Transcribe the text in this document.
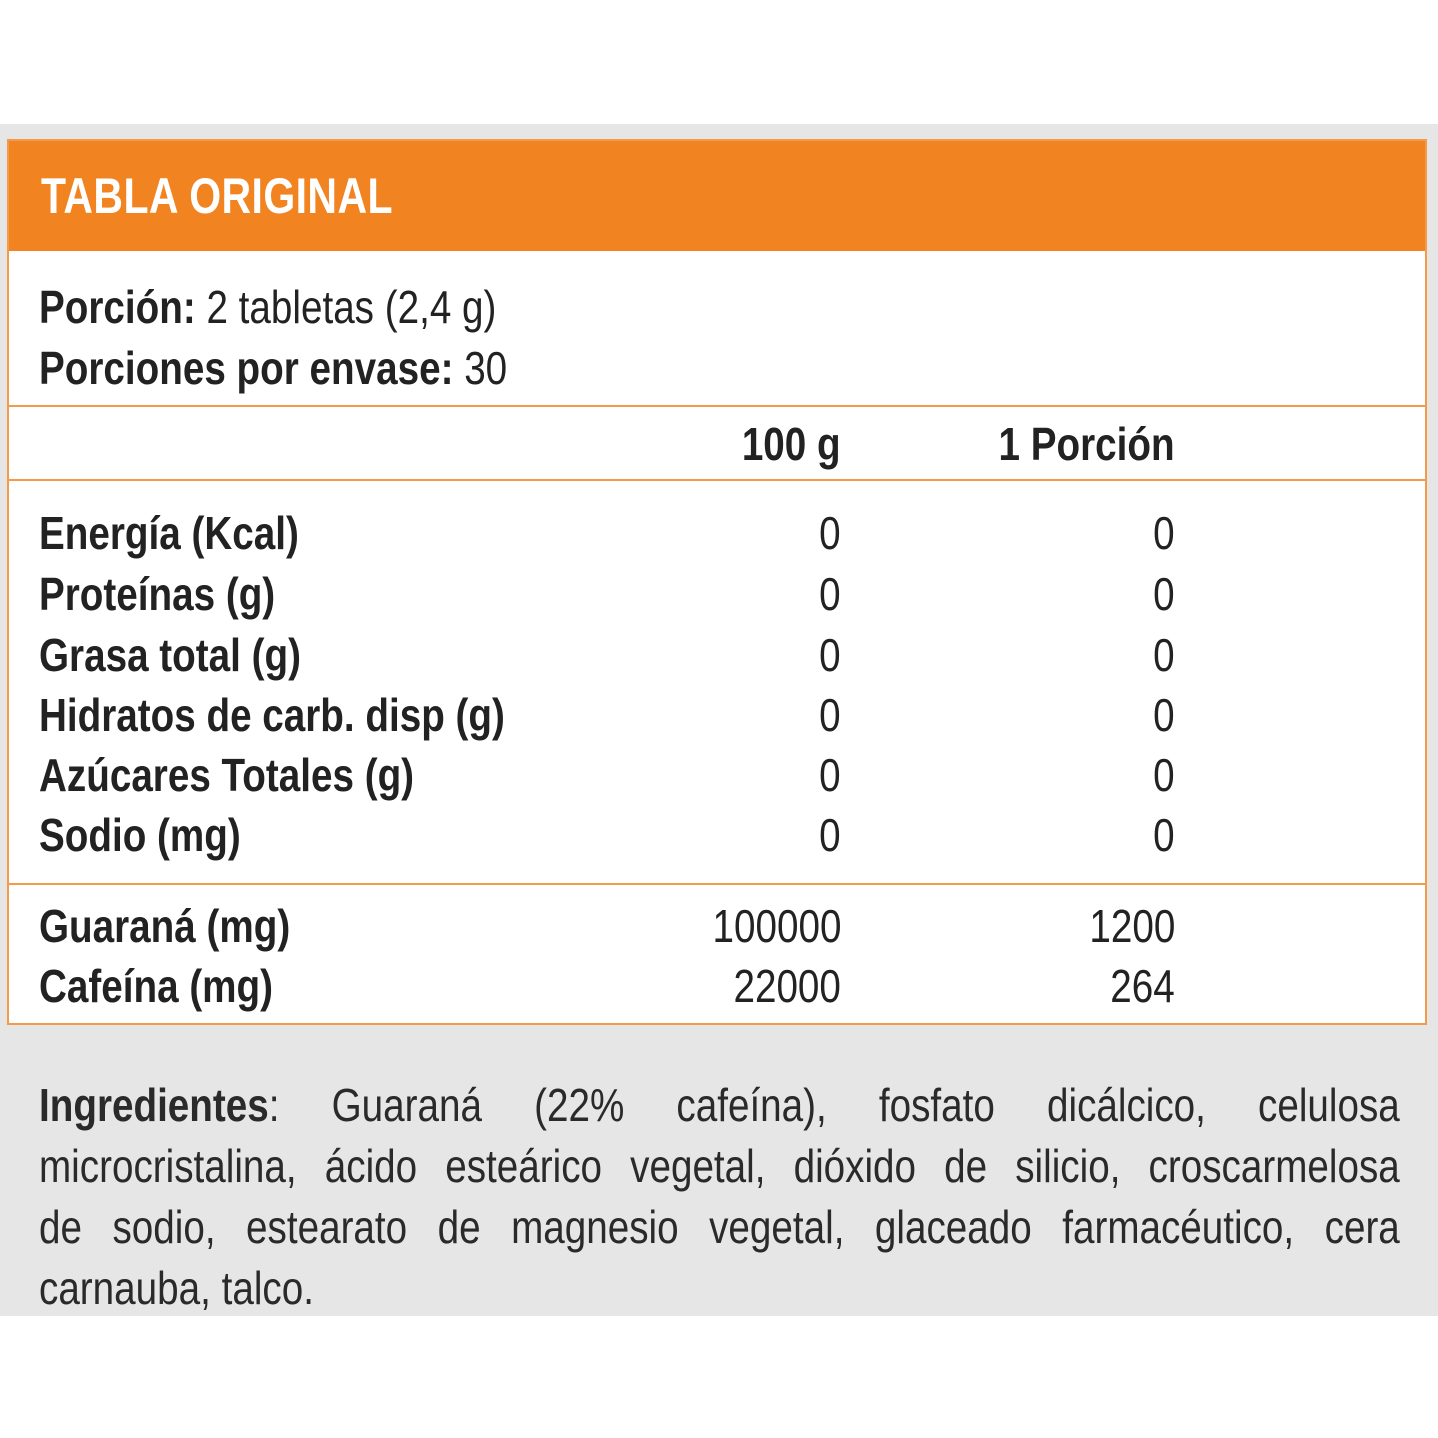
TABLA ORIGINAL
Porción: 2 tabletas (2,4 g)
Porciones por envase: 30
100 g	1 Porción
Energía (Kcal)	0	0
Proteínas (g)	0	0
Grasa total (g)	0	0
Hidratos de carb. disp (g)	0	0
Azúcares Totales (g)	0	0
Sodio (mg)	0	0
Guaraná (mg)	100000	1200
Cafeína (mg)	22000	264
Ingredientes: Guaraná (22% cafeína), fosfato dicálcico, celulosa
microcristalina, ácido esteárico vegetal, dióxido de silicio, croscarmelosa
de sodio, estearato de magnesio vegetal, glaceado farmacéutico, cera
carnauba, talco.
